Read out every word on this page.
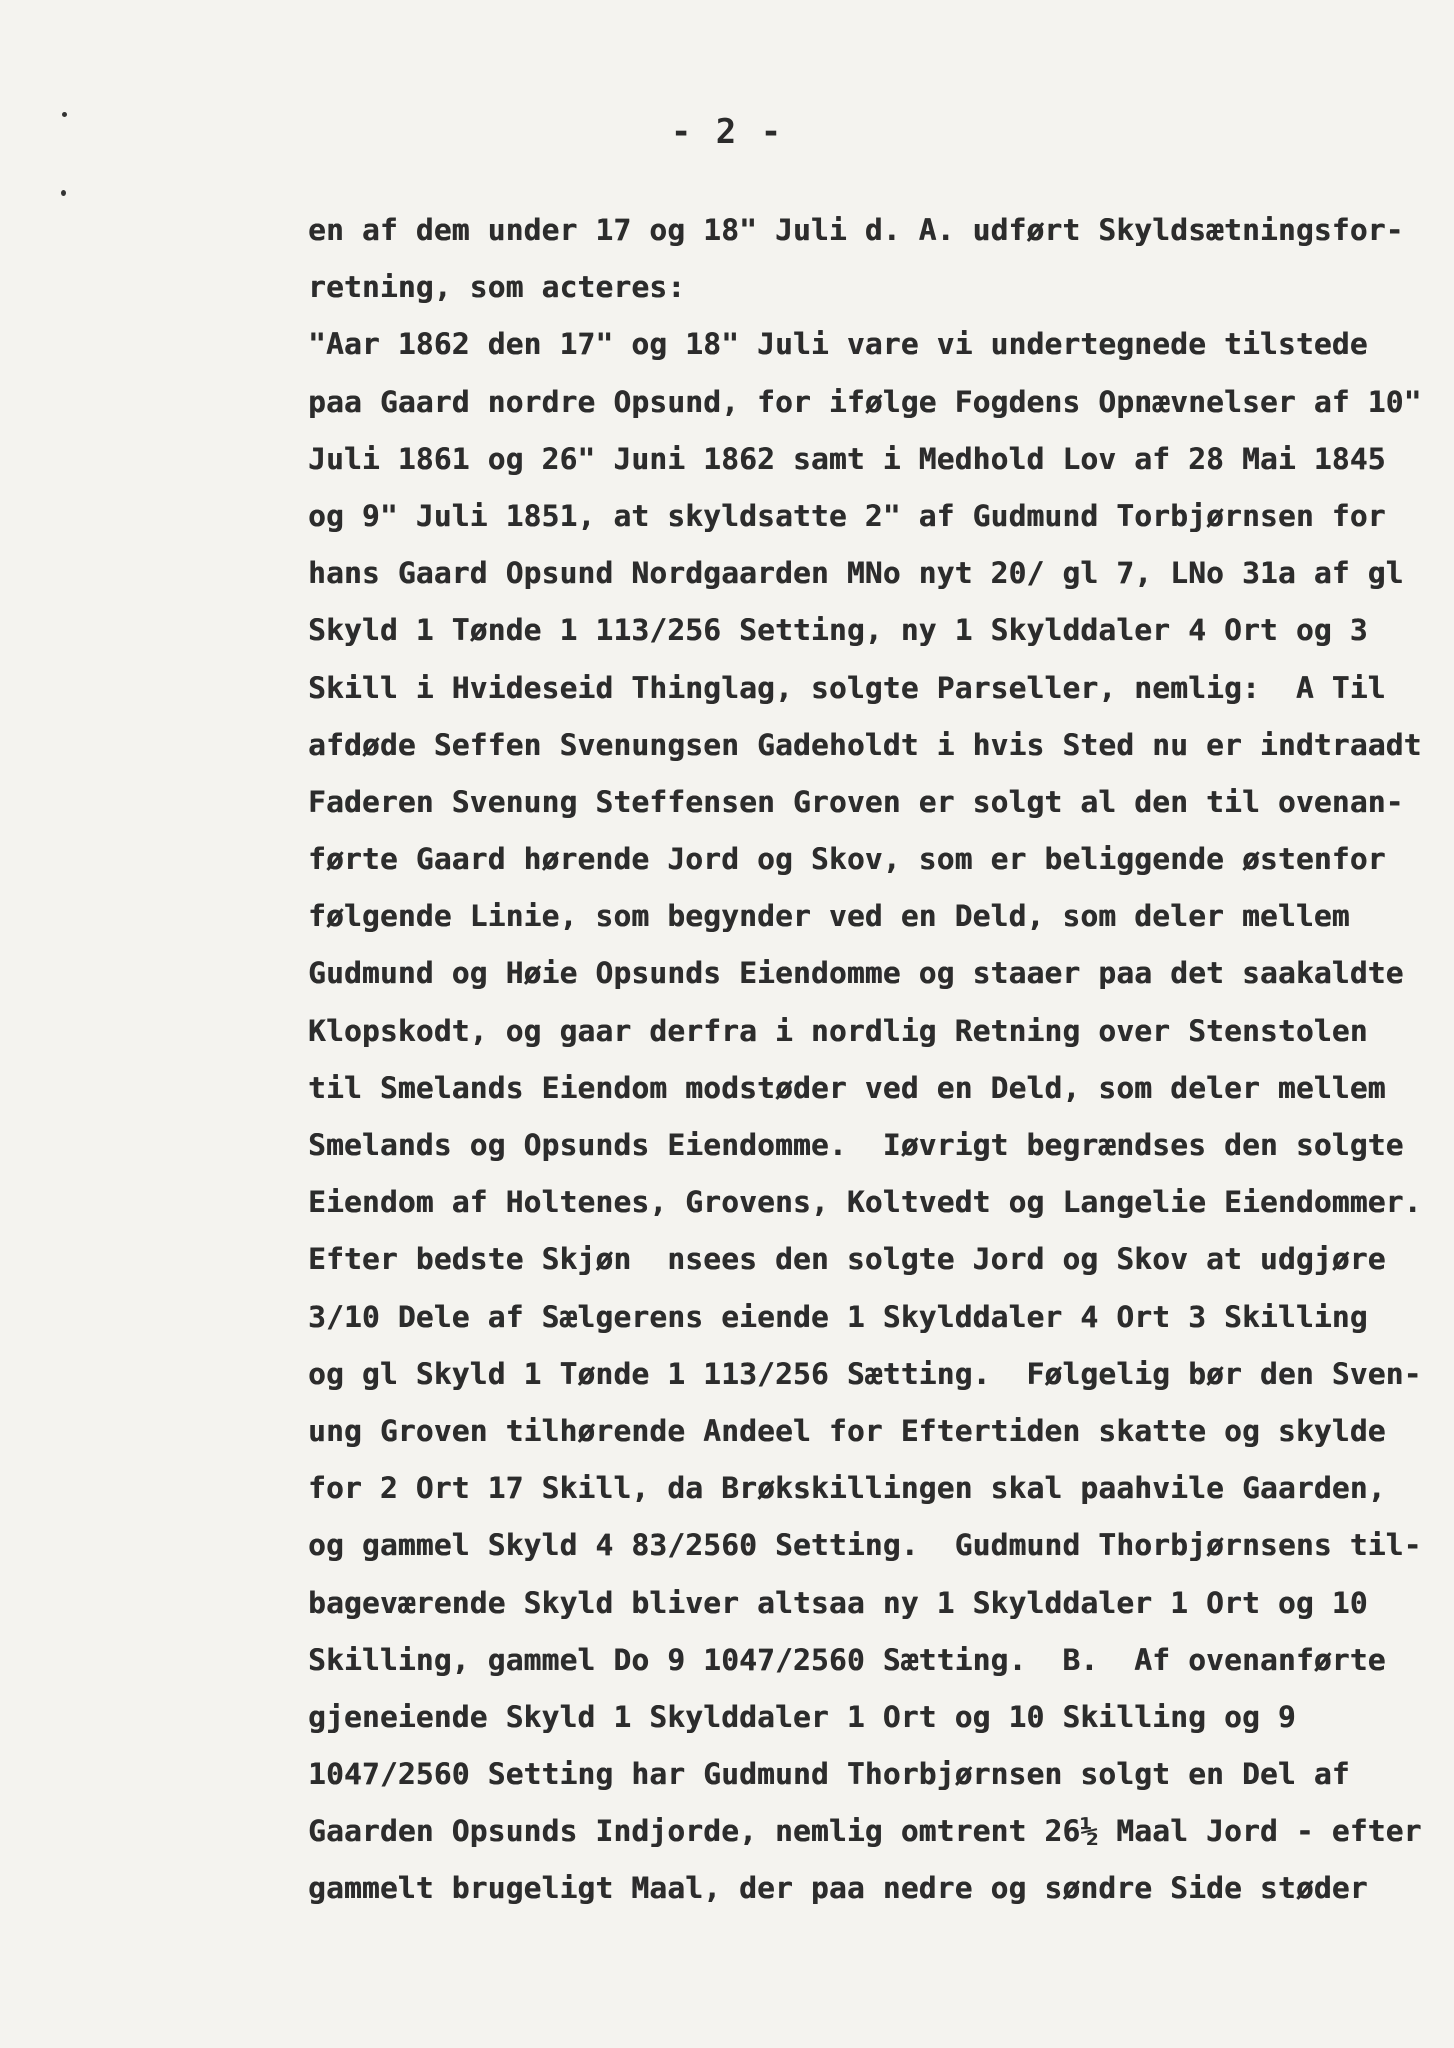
- 2 -
en af dem under 17 og 18" Juli d. A. udført Skyldsætningsfor-
retning, som acteres:
"Aar 1862 den 17" og 18" Juli vare vi undertegnede tilstede
paa Gaard nordre Opsund, for ifølge Fogdens Opnævnelser af 10"
Juli 1861 og 26" Juni 1862 samt i Medhold Lov af 28 Mai 1845
og 9" Juli 1851, at skyldsatte 2" af Gudmund Torbjørnsen for
hans Gaard Opsund Nordgaarden MNo nyt 20/ gl 7, LNo 31a af gl
Skyld 1 Tønde 1 113/256 Setting, ny 1 Skylddaler 4 Ort og 3
Skill i Hvideseid Thinglag, solgte Parseller, nemlig:  A Til
afdøde Seffen Svenungsen Gadeholdt i hvis Sted nu er indtraadt
Faderen Svenung Steffensen Groven er solgt al den til ovenan-
førte Gaard hørende Jord og Skov, som er beliggende østenfor
følgende Linie, som begynder ved en Deld, som deler mellem
Gudmund og Høie Opsunds Eiendomme og staaer paa det saakaldte
Klopskodt, og gaar derfra i nordlig Retning over Stenstolen
til Smelands Eiendom modstøder ved en Deld, som deler mellem
Smelands og Opsunds Eiendomme.  Iøvrigt begrændses den solgte
Eiendom af Holtenes, Grovens, Koltvedt og Langelie Eiendommer.
Efter bedste Skjøn  nsees den solgte Jord og Skov at udgjøre
3/10 Dele af Sælgerens eiende 1 Skylddaler 4 Ort 3 Skilling
og gl Skyld 1 Tønde 1 113/256 Sætting.  Følgelig bør den Sven-
ung Groven tilhørende Andeel for Eftertiden skatte og skylde
for 2 Ort 17 Skill, da Brøkskillingen skal paahvile Gaarden,
og gammel Skyld 4 83/2560 Setting.  Gudmund Thorbjørnsens til-
bageværende Skyld bliver altsaa ny 1 Skylddaler 1 Ort og 10
Skilling, gammel Do 9 1047/2560 Sætting.  B.  Af ovenanførte
gjeneiende Skyld 1 Skylddaler 1 Ort og 10 Skilling og 9
1047/2560 Setting har Gudmund Thorbjørnsen solgt en Del af
Gaarden Opsunds Indjorde, nemlig omtrent 26½ Maal Jord - efter
gammelt brugeligt Maal, der paa nedre og søndre Side støder
